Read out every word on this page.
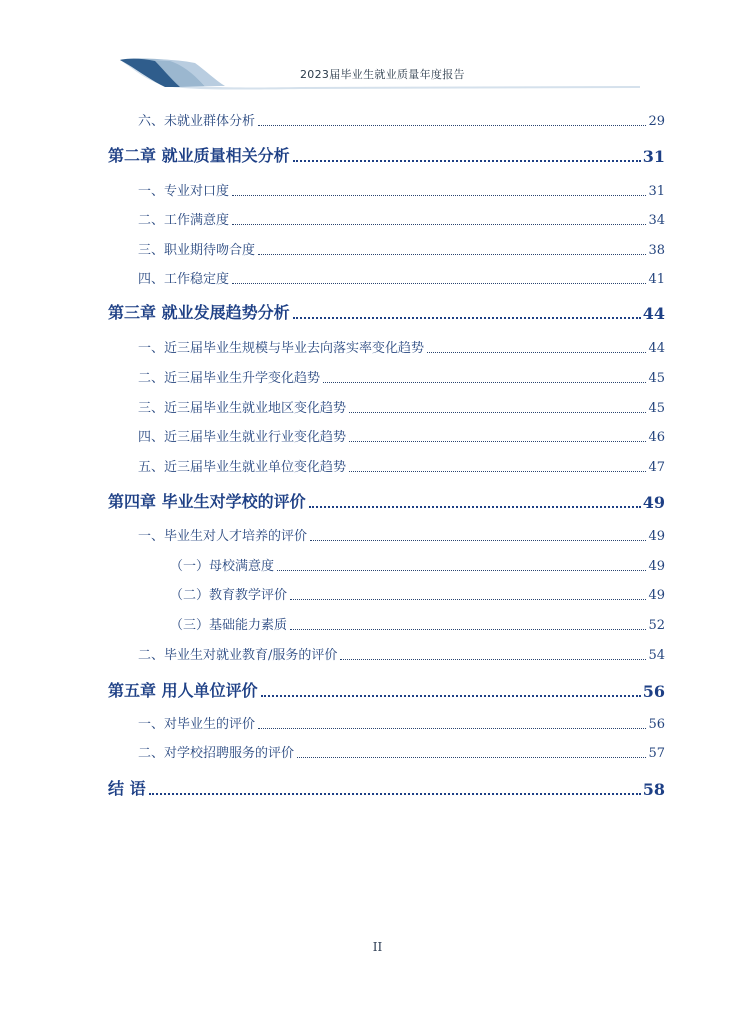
2023届毕业生就业质量年度报告
六、未就业群体分析	29
第二章 就业质量相关分析	31
一、专业对口度	31
二、工作满意度	34
三、职业期待吻合度	38
四、工作稳定度	41
第三章 就业发展趋势分析	44
一、近三届毕业生规模与毕业去向落实率变化趋势	44
二、近三届毕业生升学变化趋势	45
三、近三届毕业生就业地区变化趋势	45
四、近三届毕业生就业行业变化趋势	46
五、近三届毕业生就业单位变化趋势	47
第四章 毕业生对学校的评价	49
一、毕业生对人才培养的评价	49
（一）母校满意度	49
（二）教育教学评价	49
（三）基础能力素质	52
二、毕业生对就业教育/服务的评价	54
第五章 用人单位评价	56
一、对毕业生的评价	56
二、对学校招聘服务的评价	57
结 语	58
II
